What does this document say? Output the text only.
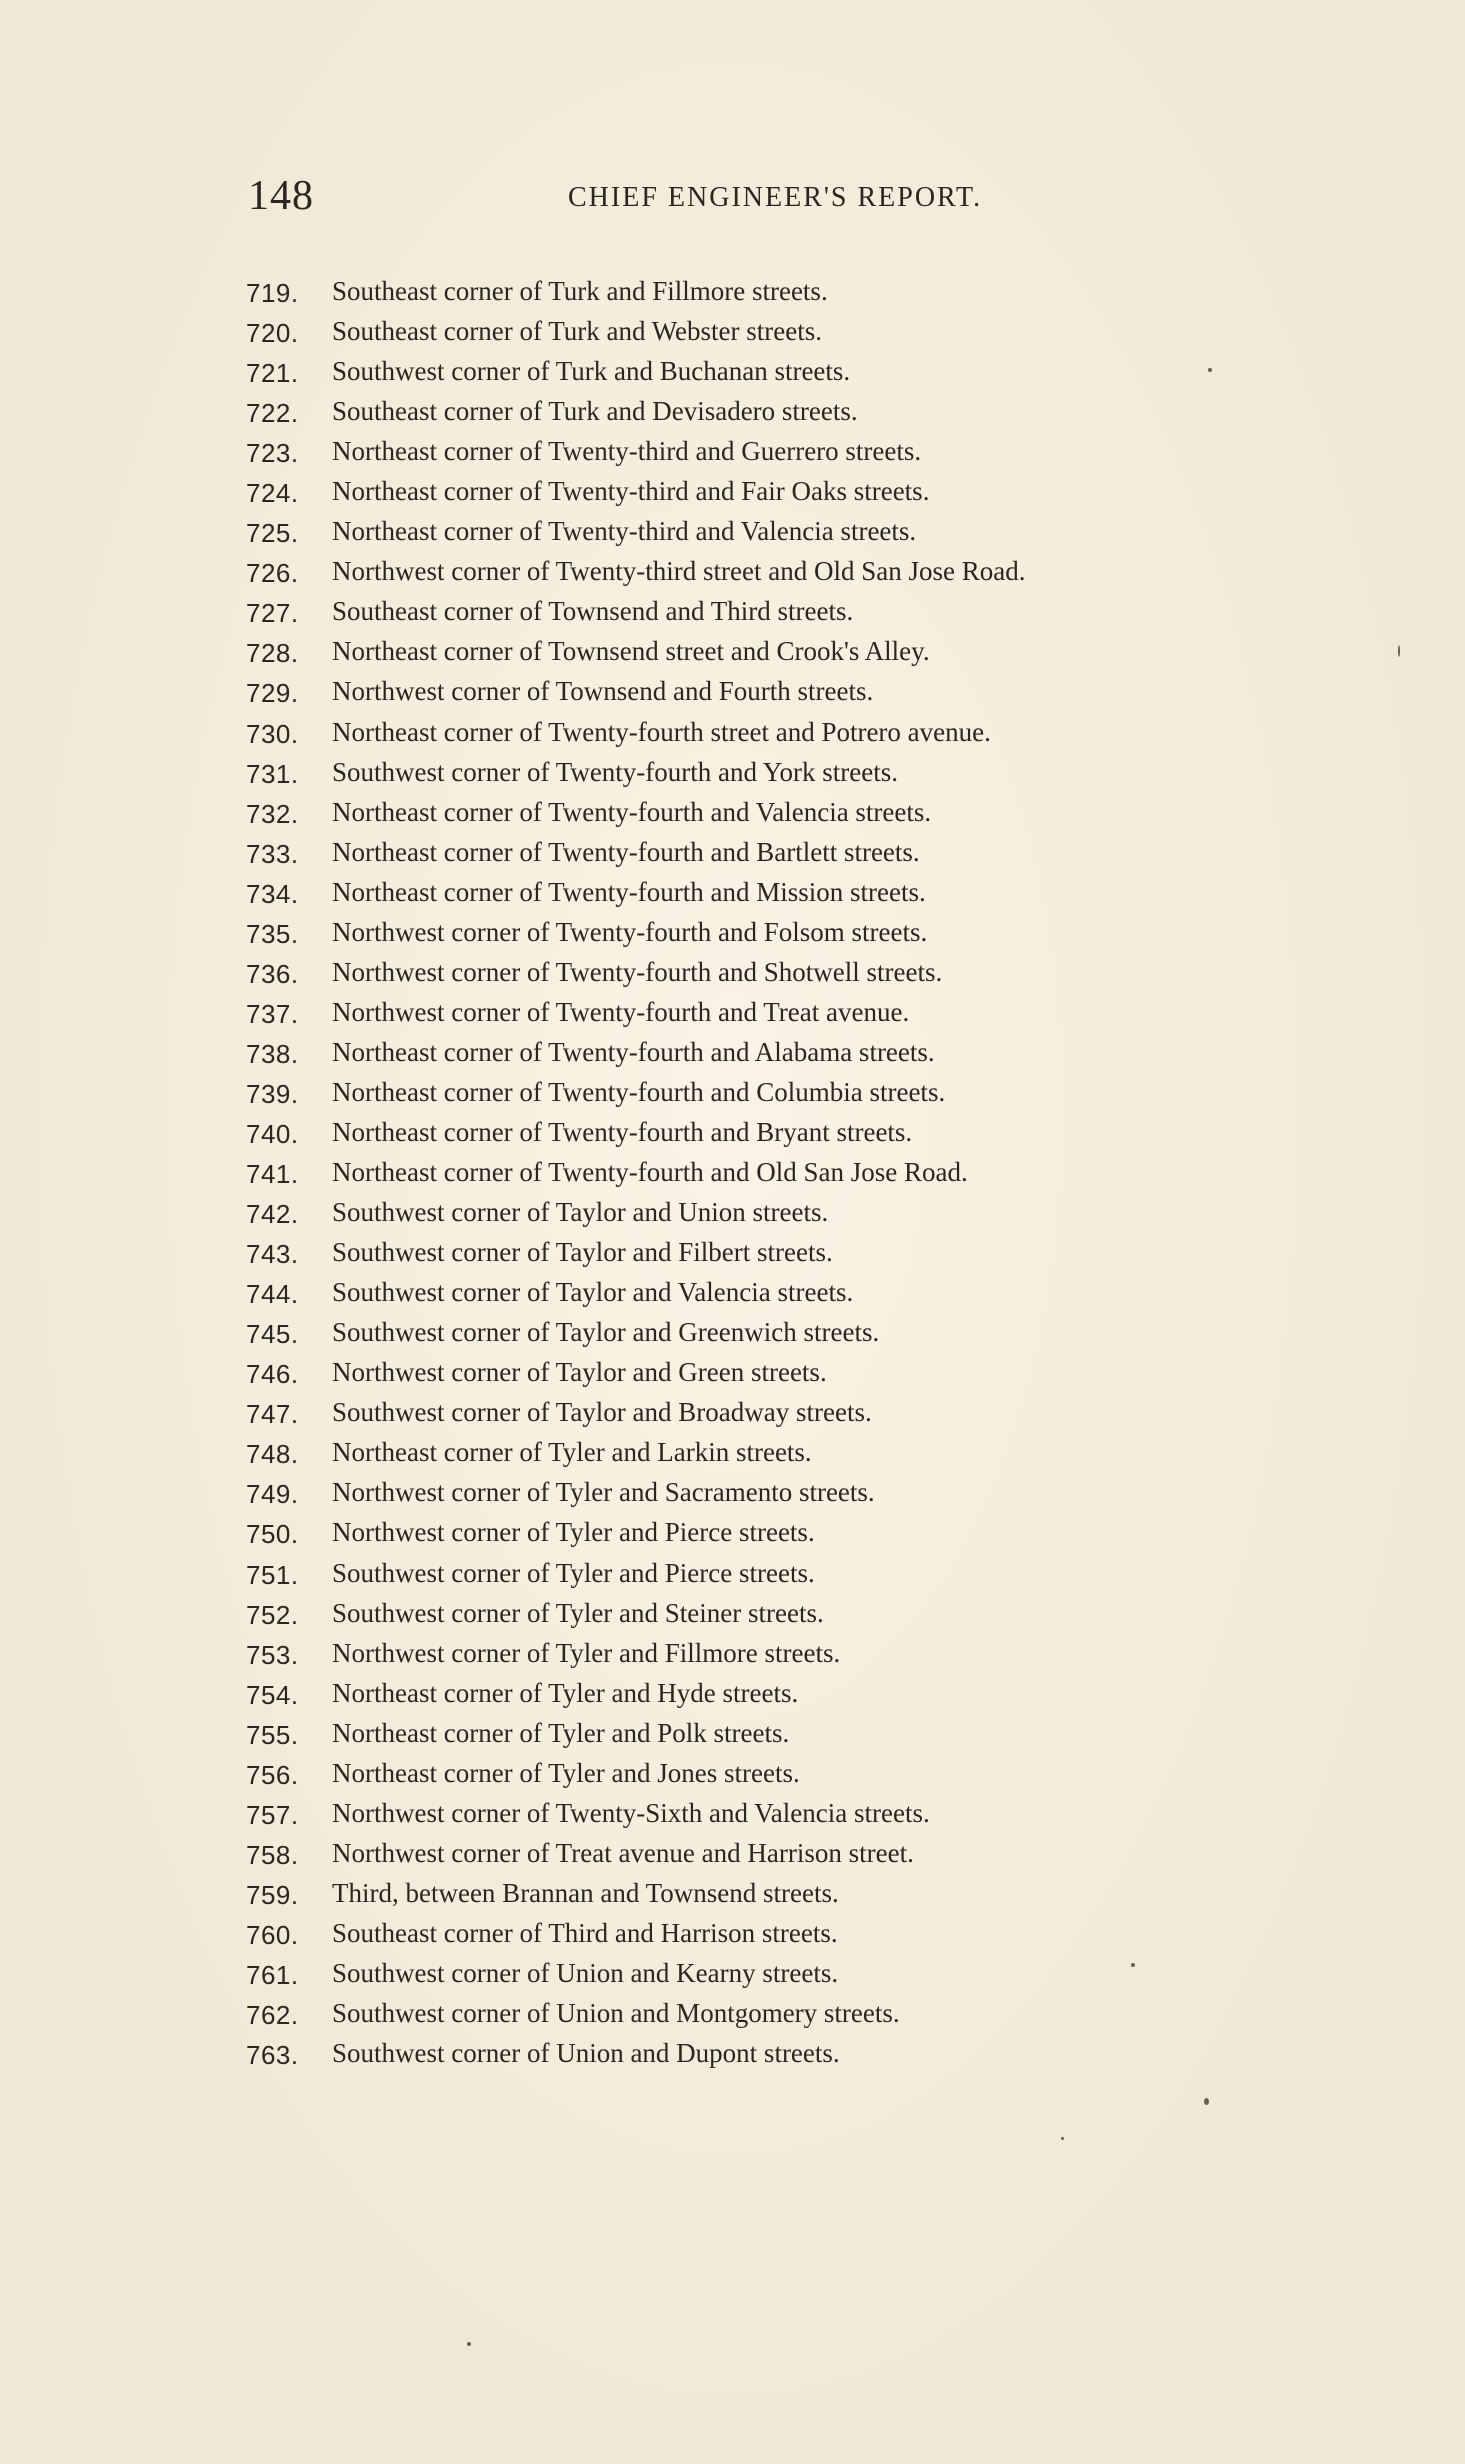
148	CHIEF ENGINEER'S REPORT.
719.	Southeast corner of Turk and Fillmore streets.
720.	Southeast corner of Turk and Webster streets.
721.	Southwest corner of Turk and Buchanan streets.
722.	Southeast corner of Turk and Devisadero streets.
723.	Northeast corner of Twenty-third and Guerrero streets.
724.	Northeast corner of Twenty-third and Fair Oaks streets.
725.	Northeast corner of Twenty-third and Valencia streets.
726.	Northwest corner of Twenty-third street and Old San Jose Road.
727.	Southeast corner of Townsend and Third streets.
728.	Northeast corner of Townsend street and Crook's Alley.
729.	Northwest corner of Townsend and Fourth streets.
730.	Northeast corner of Twenty-fourth street and Potrero avenue.
731.	Southwest corner of Twenty-fourth and York streets.
732.	Northeast corner of Twenty-fourth and Valencia streets.
733.	Northeast corner of Twenty-fourth and Bartlett streets.
734.	Northeast corner of Twenty-fourth and Mission streets.
735.	Northwest corner of Twenty-fourth and Folsom streets.
736.	Northwest corner of Twenty-fourth and Shotwell streets.
737.	Northwest corner of Twenty-fourth and Treat avenue.
738.	Northeast corner of Twenty-fourth and Alabama streets.
739.	Northeast corner of Twenty-fourth and Columbia streets.
740.	Northeast corner of Twenty-fourth and Bryant streets.
741.	Northeast corner of Twenty-fourth and Old San Jose Road.
742.	Southwest corner of Taylor and Union streets.
743.	Southwest corner of Taylor and Filbert streets.
744.	Southwest corner of Taylor and Valencia streets.
745.	Southwest corner of Taylor and Greenwich streets.
746.	Northwest corner of Taylor and Green streets.
747.	Southwest corner of Taylor and Broadway streets.
748.	Northeast corner of Tyler and Larkin streets.
749.	Northwest corner of Tyler and Sacramento streets.
750.	Northwest corner of Tyler and Pierce streets.
751.	Southwest corner of Tyler and Pierce streets.
752.	Southwest corner of Tyler and Steiner streets.
753.	Northwest corner of Tyler and Fillmore streets.
754.	Northeast corner of Tyler and Hyde streets.
755.	Northeast corner of Tyler and Polk streets.
756.	Northeast corner of Tyler and Jones streets.
757.	Northwest corner of Twenty-Sixth and Valencia streets.
758.	Northwest corner of Treat avenue and Harrison street.
759.	Third, between Brannan and Townsend streets.
760.	Southeast corner of Third and Harrison streets.
761.	Southwest corner of Union and Kearny streets.
762.	Southwest corner of Union and Montgomery streets.
763.	Southwest corner of Union and Dupont streets.
